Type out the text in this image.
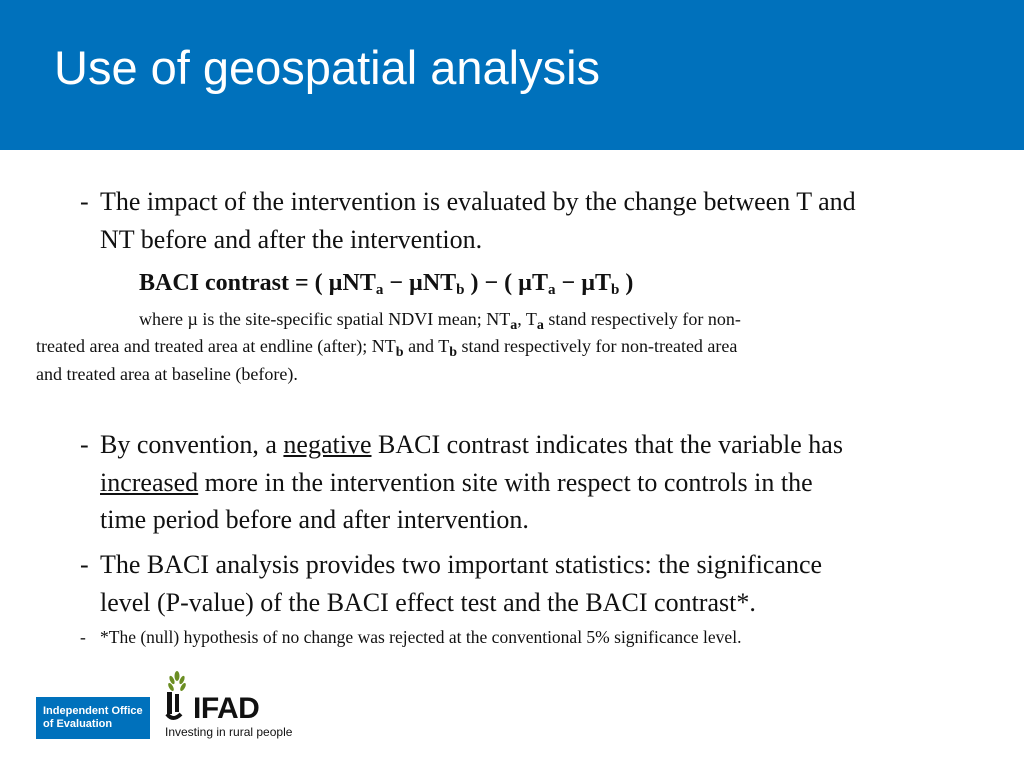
Use of geospatial analysis
- The impact of the intervention is evaluated by the change between T and
NT before and after the intervention.
BACI contrast = ( µNT$_a$ − µNT$_b$ ) − ( µT$_a$ − µT$_b$ )
where µ is the site-specific spatial NDVI mean; $NT_a$, $T_a$ stand respectively for non-
treated area and treated area at endline (after); $NT_b$ and $T_b$ stand respectively for non-treated area
and treated area at baseline (before).
- By convention, a negative BACI contrast indicates that the variable has
increased more in the intervention site with respect to controls in the
time period before and after intervention.
- The BACI analysis provides two important statistics: the significance
level (P-value) of the BACI effect test and the BACI contrast*.
- *The (null) hypothesis of no change was rejected at the conventional 5% significance level.
Independent Office
of Evaluation	IFAD
Investing in rural people
